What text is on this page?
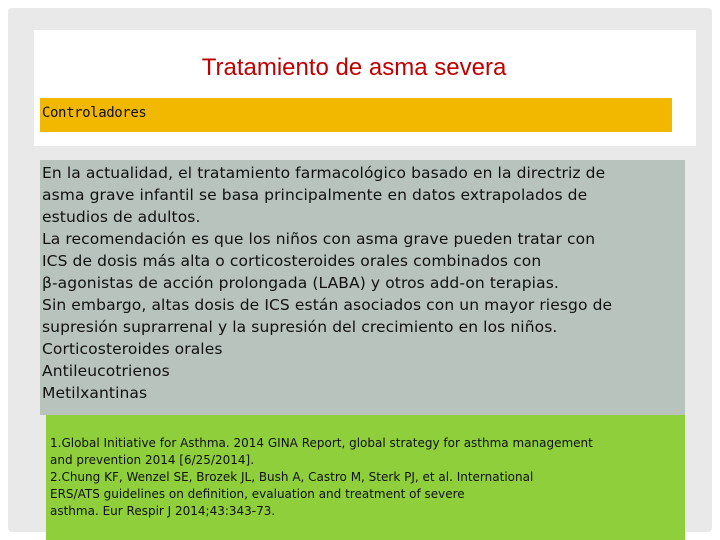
Tratamiento de asma severa
Controladores

En la actualidad, el tratamiento farmacológico basado en la directriz de

asma grave infantil se basa principalmente en datos extrapolados de

estudios de adultos.

La recomendación es que los niños con asma grave pueden tratar con

ICS de dosis más alta o corticosteroides orales combinados con

β-agonistas de acción prolongada (LABA) y otros add-on terapias.

Sin embargo, altas dosis de ICS están asociados con un mayor riesgo de

supresión suprarrenal y la supresión del crecimiento en los niños.

Corticosteroides orales

Antileucotrienos

Metilxantinas

1.Global Initiative for Asthma. 2014 GINA Report, global strategy for asthma management

and prevention 2014 [6/25/2014].

2.Chung KF, Wenzel SE, Brozek JL, Bush A, Castro M, Sterk PJ, et al. International

ERS/ATS guidelines on definition, evaluation and treatment of severe

asthma. Eur Respir J 2014;43:343-73.
